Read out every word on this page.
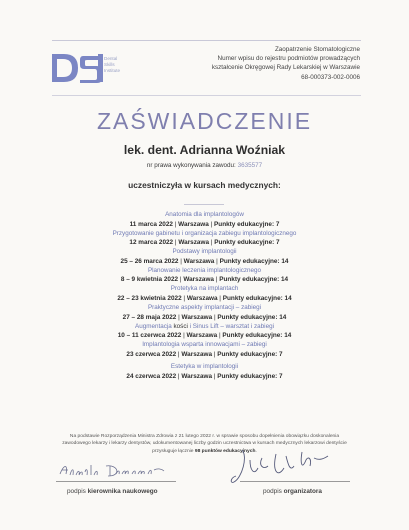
Dental
Skills
Institute
Zaopatrzenie Stomatologiczne
Numer wpisu do rejestru podmiotów prowadzących
kształcenie Okręgowej Rady Lekarskiej w Warszawie
68-000373-002-0006
ZAŚWIADCZENIE
lek. dent. Adrianna Woźniak
nr prawa wykonywania zawodu: 3635577
uczestniczyła w kursach medycznych:
Anatomia dla implantologów
11 marca 2022 | Warszawa | Punkty edukacyjne: 7
Przygotowanie gabinetu i organizacja zabiegu implantologicznego
12 marca 2022 | Warszawa | Punkty edukacyjne: 7
Podstawy implantologii
25 – 26 marca 2022 | Warszawa | Punkty edukacyjne: 14
Planowanie leczenia implantologicznego
8 – 9 kwietnia 2022 | Warszawa | Punkty edukacyjne: 14
Protetyka na implantach
22 – 23 kwietnia 2022 | Warszawa | Punkty edukacyjne: 14
Praktyczne aspekty implantacji – zabiegi
27 – 28 maja 2022 | Warszawa | Punkty edukacyjne: 14
Augmentacja kości i Sinus Lift – warsztat i zabiegi
10 – 11 czerwca 2022 | Warszawa | Punkty edukacyjne: 14
Implantologia wsparta innowacjami – zabiegi
23 czerwca 2022 | Warszawa | Punkty edukacyjne: 7
Estetyka w implantologii
24 czerwca 2022 | Warszawa | Punkty edukacyjne: 7
Na podstawie Rozporządzenia Ministra Zdrowia z 21 lutego 2022 r. w sprawie sposobu dopełnienia obowiązku doskonalenia zawodowego lekarzy i lekarzy dentystów, udokumentowanej liczby godzin uczestnictwa w kursach medycznych lekarzowi dentyście przysługuje łącznie 98 punktów edukacyjnych.
podpis kierownika naukowego	podpis organizatora
